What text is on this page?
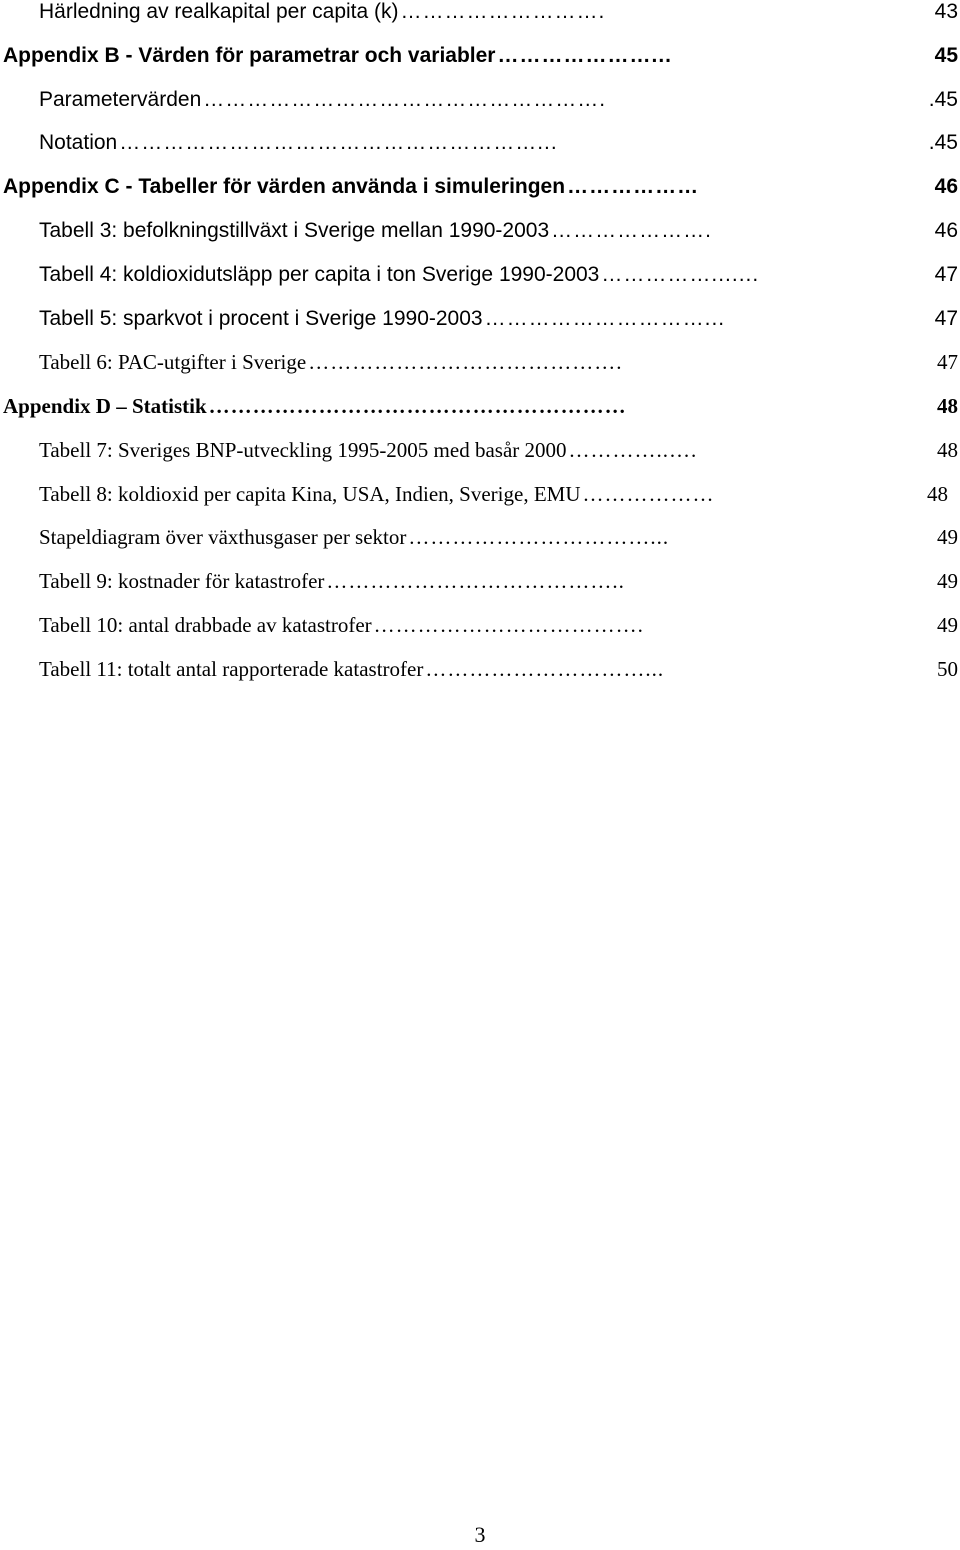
Härledning av realkapital per capita (k) ……………………….	43
Appendix B - Värden för parametrar och variabler …………………...	45
Parametervärden ……………………………………………….	.45
Notation …………………………………………………...	.45
Appendix C - Tabeller för värden använda i simuleringen ………………	46
Tabell 3: befolkningstillväxt i Sverige mellan 1990-2003 ………………….	46
Tabell 4: koldioxidutsläpp per capita i ton Sverige 1990-2003 …………….......	47
Tabell 5: sparkvot i procent i Sverige 1990-2003 …………………………...	47
Tabell 6: PAC-utgifter i Sverige …………………………………….	47
Appendix D – Statistik …………………………………………………	48
Tabell 7: Sveriges BNP-utveckling 1995-2005 med basår 2000 …………..….	48
Tabell 8: koldioxid per capita Kina, USA, Indien, Sverige, EMU ………………	48
Stapeldiagram över växthusgaser per sektor ……………………………...	49
Tabell 9: kostnader för katastrofer …………………………………..	49
Tabell 10: antal drabbade av katastrofer ……………………………….	49
Tabell 11: totalt antal rapporterade katastrofer …………………………...	50
3
